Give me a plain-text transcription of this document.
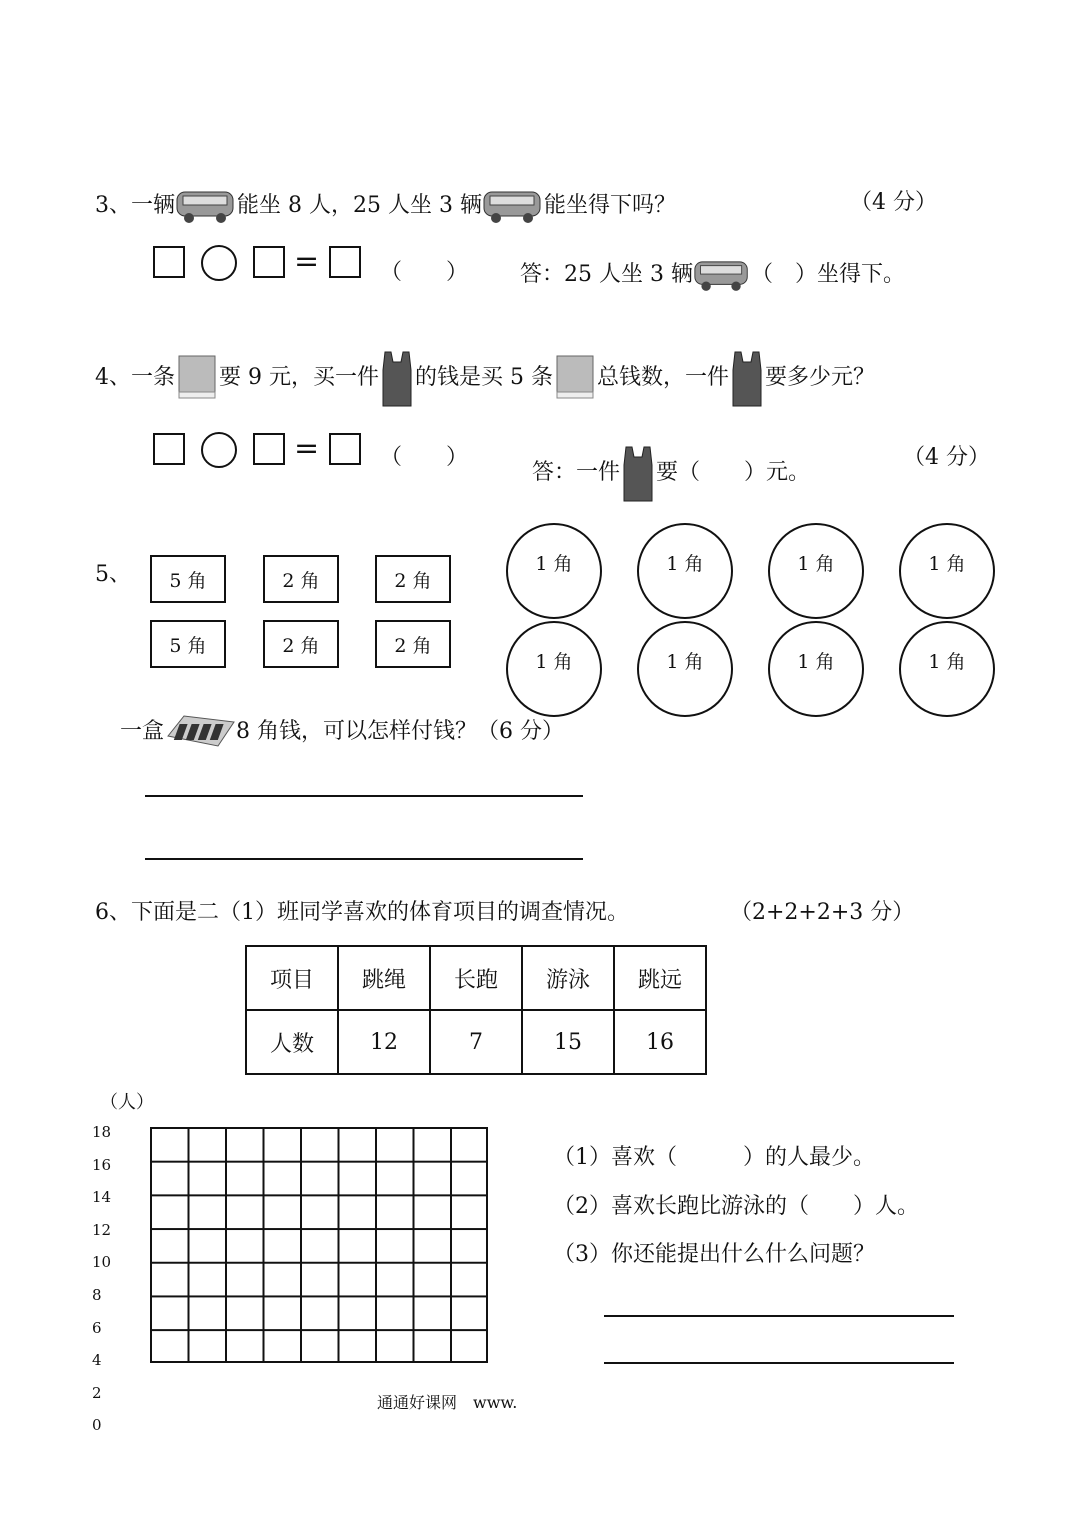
3、一辆	能坐 8 人，25 人坐 3 辆	能坐得下吗？	（4 分）
=	（　　） 答：25 人坐 3 辆	（　）坐得下。
4、一条 要 9 元，买一件 的钱是买 5 条 总钱数，一件 要多少元？
=	（　　）
答：一件 要（　　）元。
（4 分）
5、	5 角	2 角	2 角
5 角	2 角	2 角
1 角	1 角	1 角	1 角
1 角	1 角	1 角	1 角
一盒	8 角钱，可以怎样付钱？（6 分）
6、下面是二（1）班同学喜欢的体育项目的调查情况。	（2+2+2+3 分）
项目	跳绳	长跑	游泳	跳远
人数	12	7	15	16
（人）
18
16
14
12
10
8
6
4
2
0
（1）喜欢（　　　）的人最少。
（2）喜欢长跑比游泳的（　　）人。
（3）你还能提出什么什么问题？
通通好课网　www.
